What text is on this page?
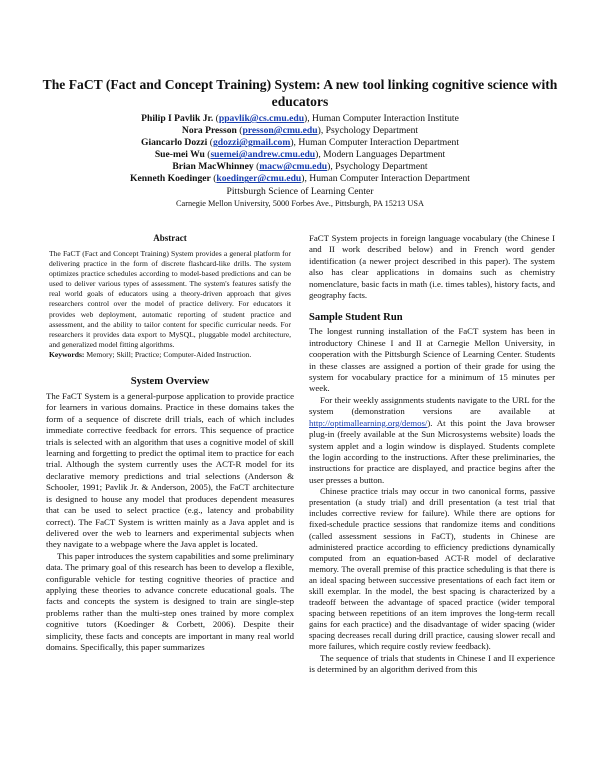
The FaCT (Fact and Concept Training) System: A new tool linking cognitive science with educators
Philip I Pavlik Jr. (ppavlik@cs.cmu.edu), Human Computer Interaction Institute
Nora Presson (presson@cmu.edu), Psychology Department
Giancarlo Dozzi (gdozzi@gmail.com), Human Computer Interaction Department
Sue-mei Wu (suemei@andrew.cmu.edu), Modern Languages Department
Brian MacWhinney (macw@cmu.edu), Psychology Department
Kenneth Koedinger (koedinger@cmu.edu), Human Computer Interaction Department
Pittsburgh Science of Learning Center
Carnegie Mellon University, 5000 Forbes Ave., Pittsburgh, PA 15213 USA
Abstract

The FaCT (Fact and Concept Training) System provides a general platform for delivering practice in the form of discrete flashcard-like drills. The system optimizes practice schedules according to model-based predictions and can be used to deliver various types of assessment. The system's features satisfy the real world goals of educators using a theory-driven approach that gives researchers control over the model of practice delivery. For educators it provides web deployment, automatic reporting of student practice and assessment, and the ability to tailor content for specific curricular needs. For researchers it provides data export to MySQL, pluggable model architecture, and generalized model fitting algorithms.

Keywords: Memory; Skill; Practice; Computer-Aided Instruction.

System Overview

The FaCT System is a general-purpose application to provide practice for learners in various domains. Practice in these domains takes the form of a sequence of discrete drill trials, each of which includes immediate corrective feedback for errors. This sequence of practice trials is selected with an algorithm that uses a cognitive model of skill learning and forgetting to predict the optimal item to practice for each trial. Although the system currently uses the ACT-R model for its declarative memory predictions and trial selections (Anderson & Schooler, 1991; Pavlik Jr. & Anderson, 2005), the FaCT architecture is designed to house any model that produces dependent measures that can be used to select practice (e.g., latency and probability correct). The FaCT System is written mainly as a Java applet and is delivered over the web to learners and experimental subjects when they navigate to a webpage where the Java applet is located.

This paper introduces the system capabilities and some preliminary data. The primary goal of this research has been to develop a flexible, configurable vehicle for testing cognitive theories of practice and applying these theories to advance concrete educational goals. The facts and concepts the system is designed to train are single-step problems rather than the multi-step ones trained by more complex cognitive tutors (Koedinger & Corbett, 2006). Despite their simplicity, these facts and concepts are important in many real world domains. Specifically, this paper summarizes

FaCT System projects in foreign language vocabulary (the Chinese I and II work described below) and in French word gender identification (a newer project described in this paper). The system also has clear applications in domains such as chemistry nomenclature, basic facts in math (i.e. times tables), history facts, and geography facts.

Sample Student Run

The longest running installation of the FaCT system has been in introductory Chinese I and II at Carnegie Mellon University, in cooperation with the Pittsburgh Science of Learning Center. Students in these classes are assigned a portion of their grade for using the system for vocabulary practice for a minimum of 15 minutes per week.

For their weekly assignments students navigate to the URL for the system (demonstration versions are available at http://optimallearning.org/demos/). At this point the Java browser plug-in (freely available at the Sun Microsystems website) loads the system applet and a login window is displayed. Students complete the login according to the instructions. After these preliminaries, the instructions for practice are displayed, and practice begins after the user presses a button.

Chinese practice trials may occur in two canonical forms, passive presentation (a study trial) and drill presentation (a test trial that includes corrective review for failure). While there are options for fixed-schedule practice sessions that randomize items and conditions (called assessment sessions in FaCT), students in Chinese are administered practice according to efficiency predictions dynamically computed from an equation-based ACT-R model of declarative memory. The overall premise of this practice scheduling is that there is an ideal spacing between successive presentations of each fact item or skill exemplar. In the model, the best spacing is characterized by a tradeoff between the advantage of spaced practice (wider temporal spacing between repetitions of an item improves the long-term recall gains for each practice) and the disadvantage of wider spacing (wider spacing decreases recall during drill practice, causing slower recall and more failures, which require costly review feedback).

The sequence of trials that students in Chinese I and II experience is determined by an algorithm derived from this
